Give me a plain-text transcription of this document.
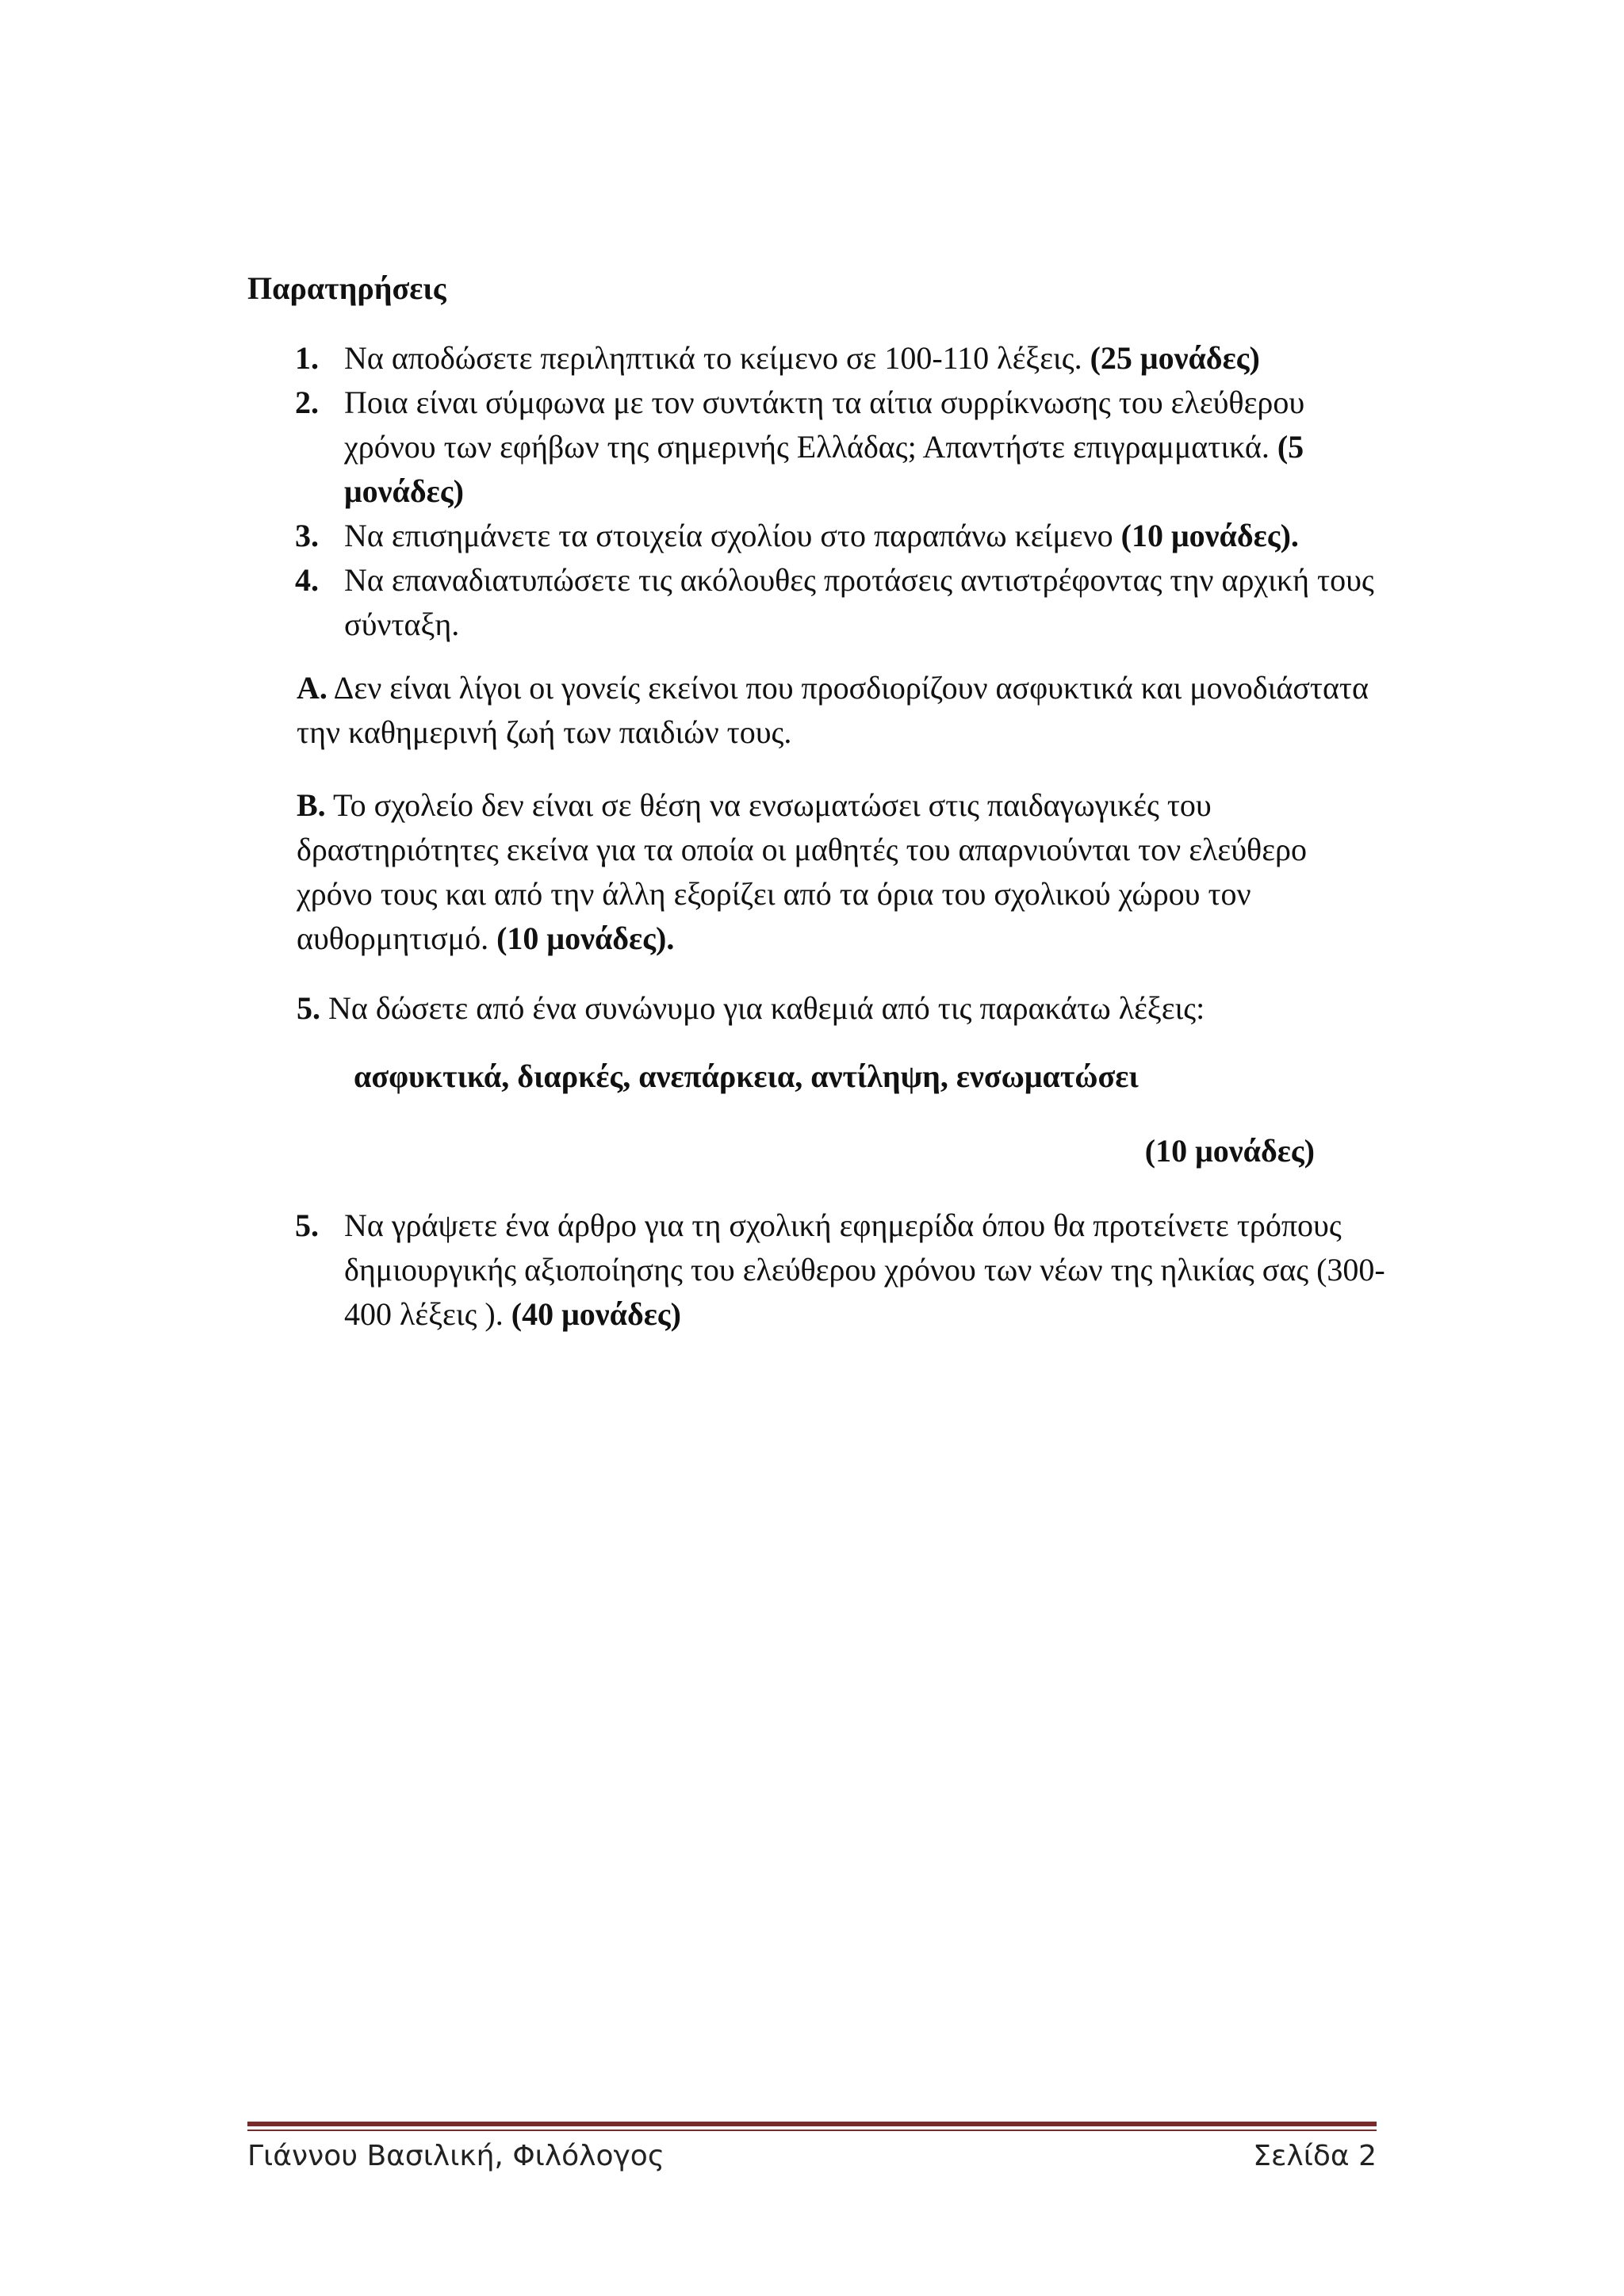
Παρατηρήσεις
1. Να αποδώσετε περιληπτικά το κείμενο σε 100-110 λέξεις. (25 μονάδες)
2. Ποια είναι σύμφωνα με τον συντάκτη τα αίτια συρρίκνωσης του ελεύθερου χρόνου των εφήβων της σημερινής Ελλάδας; Απαντήστε επιγραμματικά. (5 μονάδες)
3. Να επισημάνετε τα στοιχεία σχολίου στο παραπάνω κείμενο (10 μονάδες).
4. Να επαναδιατυπώσετε τις ακόλουθες προτάσεις αντιστρέφοντας την αρχική τους σύνταξη.
Α. Δεν είναι λίγοι οι γονείς εκείνοι που προσδιορίζουν ασφυκτικά και μονοδιάστατα την καθημερινή ζωή των παιδιών τους.
Β. Το σχολείο δεν είναι σε θέση να ενσωματώσει στις παιδαγωγικές του δραστηριότητες εκείνα για τα οποία οι μαθητές του απαρνιούνται τον ελεύθερο χρόνο τους και από την άλλη εξορίζει από τα όρια του σχολικού χώρου τον αυθορμητισμό. (10 μονάδες).
5. Να δώσετε από ένα συνώνυμο για καθεμιά από τις παρακάτω λέξεις:
ασφυκτικά, διαρκές, ανεπάρκεια, αντίληψη, ενσωματώσει
(10 μονάδες)
5. Να γράψετε ένα άρθρο για τη σχολική εφημερίδα όπου θα προτείνετε τρόπους δημιουργικής αξιοποίησης του ελεύθερου χρόνου των νέων της ηλικίας σας (300-400 λέξεις ). (40 μονάδες)
Γιάννου Βασιλική, Φιλόλογος	Σελίδα 2
